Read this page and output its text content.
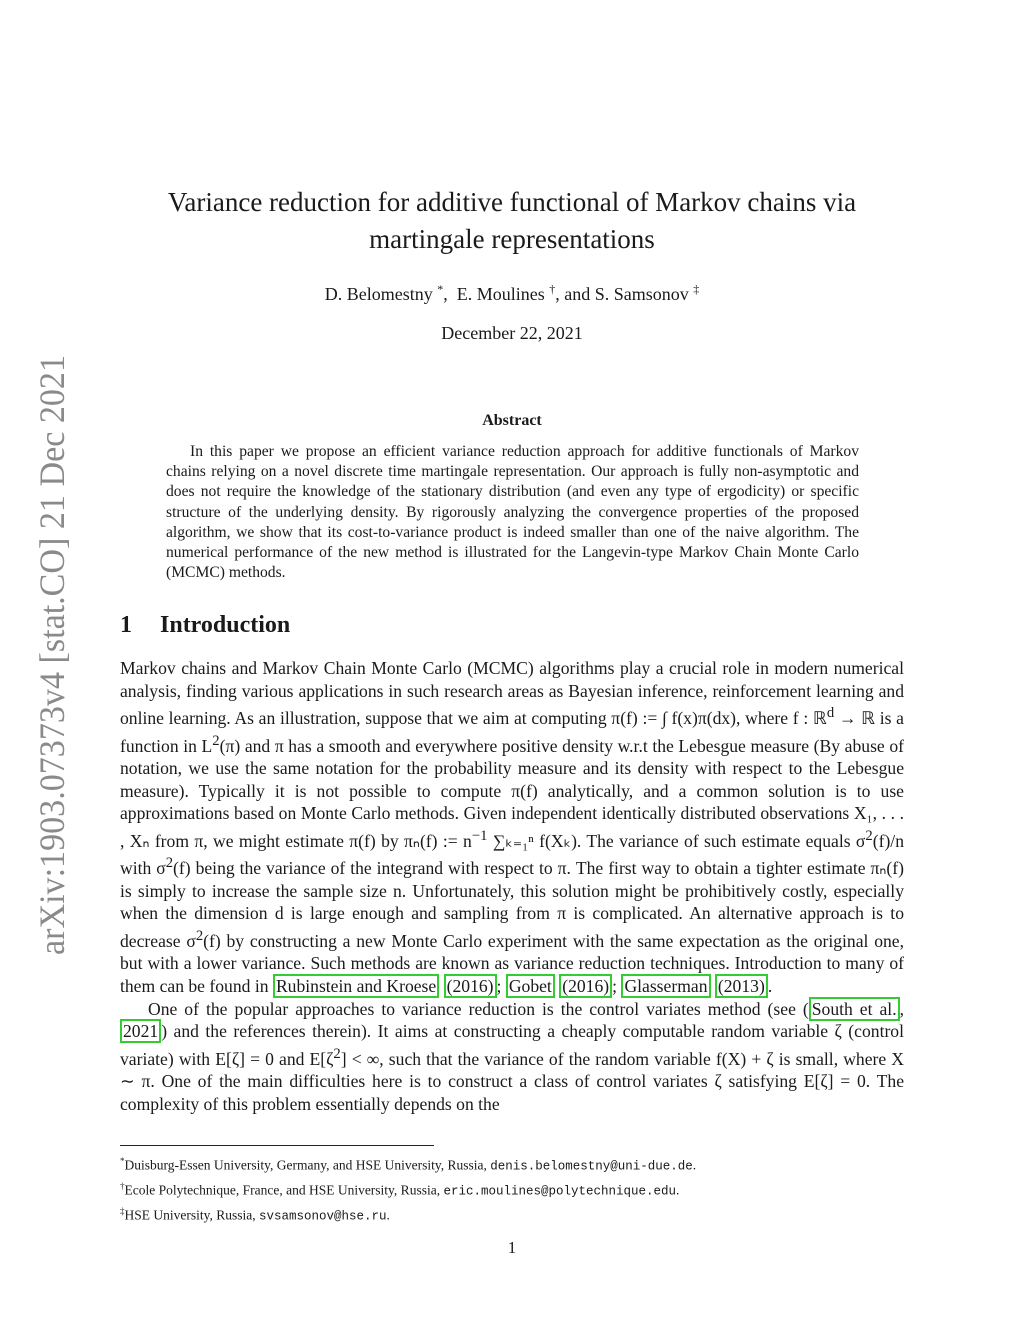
arXiv:1903.07373v4 [stat.CO] 21 Dec 2021
Variance reduction for additive functional of Markov chains via
martingale representations
D. Belomestny *,  E. Moulines †, and S. Samsonov ‡
December 22, 2021
Abstract

In this paper we propose an efficient variance reduction approach for additive functionals of Markov chains relying on a novel discrete time martingale representation. Our approach is fully non-asymptotic and does not require the knowledge of the stationary distribution (and even any type of ergodicity) or specific structure of the underlying density. By rigorously analyzing the convergence properties of the proposed algorithm, we show that its cost-to-variance product is indeed smaller than one of the naive algorithm. The numerical performance of the new method is illustrated for the Langevin-type Markov Chain Monte Carlo (MCMC) methods.

1 Introduction

Markov chains and Markov Chain Monte Carlo (MCMC) algorithms play a crucial role in modern numerical analysis, finding various applications in such research areas as Bayesian inference, reinforcement learning and online learning. As an illustration, suppose that we aim at computing π(f) := ∫ f(x)π(dx), where f : ℝ$^d$ → ℝ is a function in $L^2(\pi)$ and π has a smooth and everywhere positive density w.r.t the Lebesgue measure (By abuse of notation, we use the same notation for the probability measure and its density with respect to the Lebesgue measure). Typically it is not possible to compute π(f) analytically, and a common solution is to use approximations based on Monte Carlo methods. Given independent identically distributed observations X₁, . . . , Xₙ from π, we might estimate π(f) by πₙ(f) := $n^{-1}$ ∑ₖ₌₁ⁿ f(Xₖ). The variance of such estimate equals $\sigma^2(f)/n$ with $\sigma^2(f)$ being the variance of the integrand with respect to π. The first way to obtain a tighter estimate πₙ(f) is simply to increase the sample size n. Unfortunately, this solution might be prohibitively costly, especially when the dimension d is large enough and sampling from π is complicated. An alternative approach is to decrease $\sigma^2(f)$ by constructing a new Monte Carlo experiment with the same expectation as the original one, but with a lower variance. Such methods are known as variance reduction techniques. Introduction to many of them can be found in Rubinstein and Kroese (2016) ; Gobet (2016) ; Glasserman (2013) .

One of the popular approaches to variance reduction is the control variates method (see ( South et al. , 2021 ) and the references therein). It aims at constructing a cheaply computable random variable ζ (control variate) with E[ζ] = 0 and $E[\zeta^2]$ < ∞, such that the variance of the random variable f(X) + ζ is small, where X ∼ π. One of the main difficulties here is to construct a class of control variates ζ satisfying E[ζ] = 0. The complexity of this problem essentially depends on the

*Duisburg-Essen University, Germany, and HSE University, Russia, denis.belomestny@uni-due.de.
†Ecole Polytechnique, France, and HSE University, Russia, eric.moulines@polytechnique.edu.
‡HSE University, Russia, svsamsonov@hse.ru.
1
